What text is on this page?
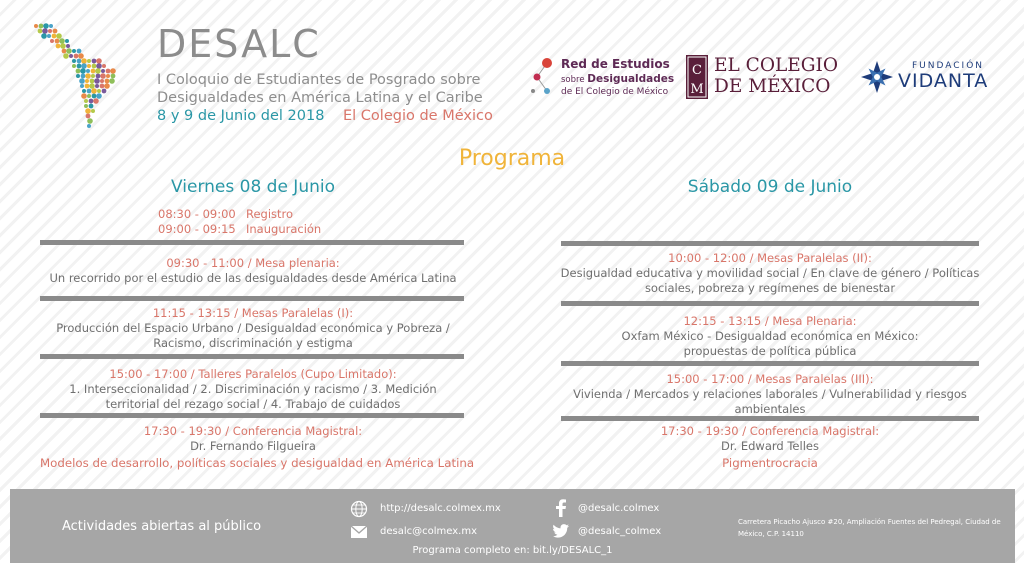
DESALC
I Coloquio de Estudiantes de Posgrado sobre Desigualdades en América Latina y el Caribe
8 y 9 de Junio del 2018 El Colegio de México
Red de Estudios
sobre Desigualdades
de El Colegio de México
C
M
EL COLEGIO
DE MÉXICO
FUNDACIÓN
VIDANTA
Programa
Viernes 08 de Junio	Sábado 09 de Junio
08:30 - 09:00 Registro
09:00 - 09:15 Inauguración
09:30 - 11:00 / Mesa plenaria:
Un recorrido por el estudio de las desigualdades desde América Latina
11:15 - 13:15 / Mesas Paralelas (I):
Producción del Espacio Urbano / Desigualdad económica y Pobreza /
Racismo, discriminación y estigma
15:00 - 17:00 / Talleres Paralelos (Cupo Limitado):
1. Interseccionalidad / 2. Discriminación y racismo / 3. Medición
territorial del rezago social / 4. Trabajo de cuidados
17:30 - 19:30 / Conferencia Magistral:
Dr. Fernando Filgueira
Modelos de desarrollo, políticas sociales y desigualdad en América Latina
10:00 - 12:00 / Mesas Paralelas (II):
Desigualdad educativa y movilidad social / En clave de género / Políticas
sociales, pobreza y regímenes de bienestar
12:15 - 13:15 / Mesa Plenaria:
Oxfam México - Desigualdad económica en México:
propuestas de política pública
15:00 - 17:00 / Mesas Paralelas (III):
Vivienda / Mercados y relaciones laborales / Vulnerabilidad y riesgos
ambientales
17:30 - 19:30 / Conferencia Magistral:
Dr. Edward Telles
Pigmentrocracia
Actividades abiertas al público
http://desalc.colmex.mx
desalc@colmex.mx
@desalc.colmex
@desalc_colmex
Carretera Picacho Ajusco #20, Ampliación Fuentes del Pedregal, Ciudad de México, C.P. 14110
Programa completo en: bit.ly/DESALC_1
